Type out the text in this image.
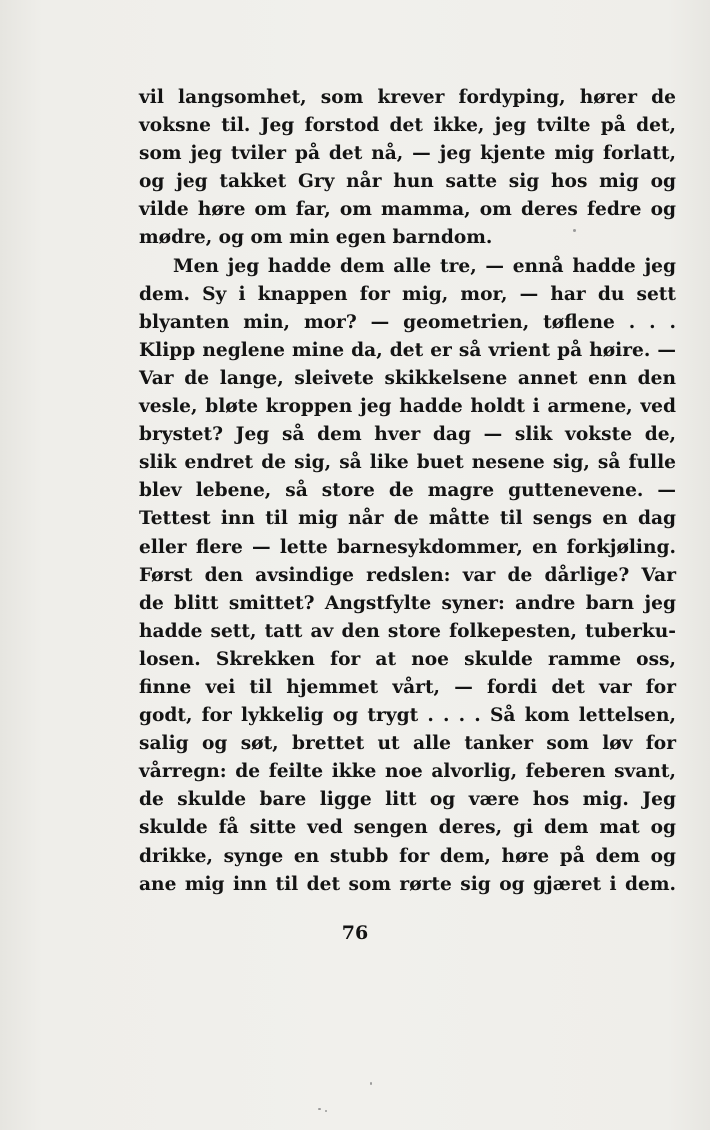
vil langsomhet, som krever fordyping, hører de
voksne til. Jeg forstod det ikke, jeg tvilte på det,
som jeg tviler på det nå, — jeg kjente mig forlatt,
og jeg takket Gry når hun satte sig hos mig og
vilde høre om far, om mamma, om deres fedre og
mødre, og om min egen barndom.
Men jeg hadde dem alle tre, — ennå hadde jeg
dem. Sy i knappen for mig, mor, — har du sett
blyanten min, mor? — geometrien, tøflene . . .
Klipp neglene mine da, det er så vrient på høire. —
Var de lange, sleivete skikkelsene annet enn den
vesle, bløte kroppen jeg hadde holdt i armene, ved
brystet? Jeg så dem hver dag — slik vokste de,
slik endret de sig, så like buet nesene sig, så fulle
blev lebene, så store de magre guttenevene. —
Tettest inn til mig når de måtte til sengs en dag
eller flere — lette barnesykdommer, en forkjøling.
Først den avsindige redslen: var de dårlige? Var
de blitt smittet? Angstfylte syner: andre barn jeg
hadde sett, tatt av den store folkepesten, tuberku-
losen. Skrekken for at noe skulde ramme oss,
finne vei til hjemmet vårt, — fordi det var for
godt, for lykkelig og trygt . . . . Så kom lettelsen,
salig og søt, brettet ut alle tanker som løv for
vårregn: de feilte ikke noe alvorlig, feberen svant,
de skulde bare ligge litt og være hos mig. Jeg
skulde få sitte ved sengen deres, gi dem mat og
drikke, synge en stubb for dem, høre på dem og
ane mig inn til det som rørte sig og gjæret i dem.
76
